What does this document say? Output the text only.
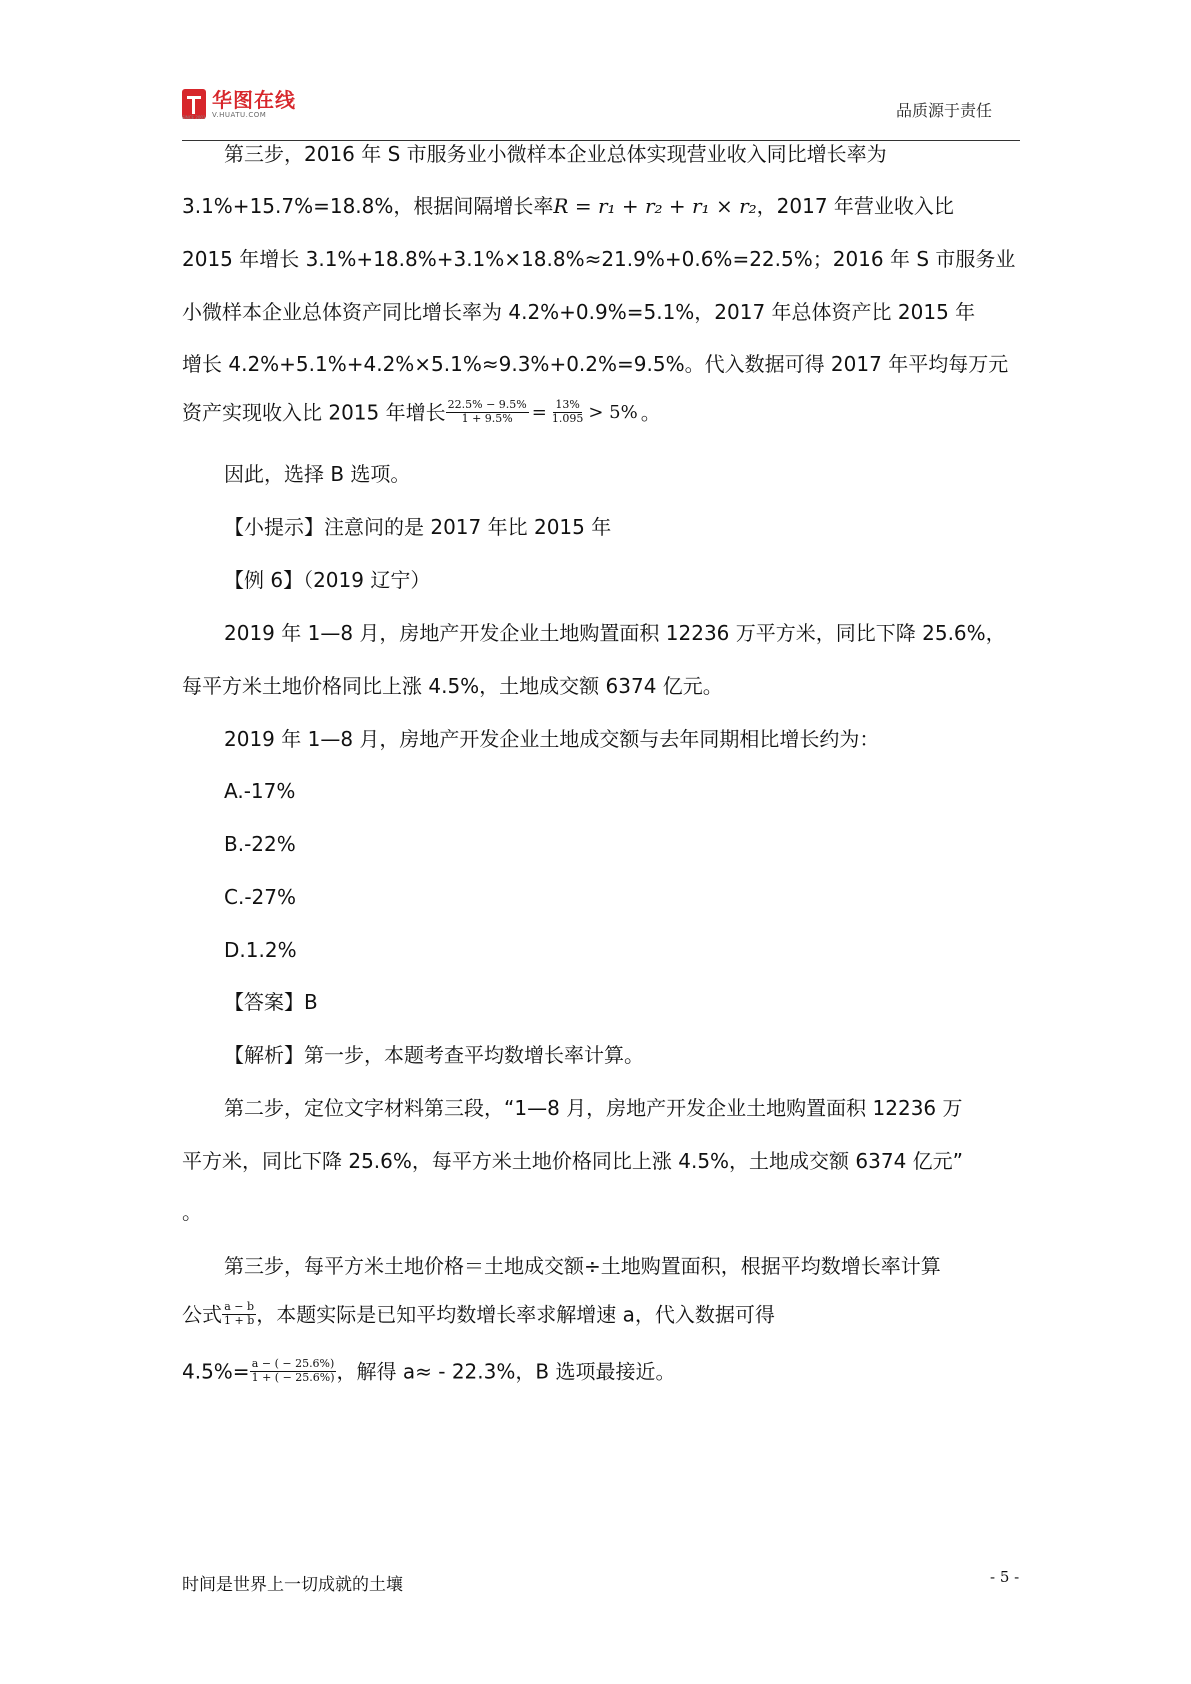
华图在线
V.HUATU.COM
SINCE 2001	品质源于责任
第三步，2016 年 S 市服务业小微样本企业总体实现营业收入同比增长率为
3.1%+15.7%=18.8%，根据间隔增长率R = r₁ + r₂ + r₁ × r₂，2017 年营业收入比
2015 年增长 3.1%+18.8%+3.1%×18.8%≈21.9%+0.6%=22.5%；2016 年 S 市服务业
小微样本企业总体资产同比增长率为 4.2%+0.9%=5.1%，2017 年总体资产比 2015 年
增长 4.2%+5.1%+4.2%×5.1%≈9.3%+0.2%=9.5%。代入数据可得 2017 年平均每万元
资产实现收入比 2015 年增长 $\frac{22.5\% - 9.5\%}{1 + 9.5\%} = \frac{13\%}{1.095} > 5\%$ 。
因此，选择 B 选项。
【小提示】注意问的是 2017 年比 2015 年
【例 6】（2019 辽宁）
2019 年 1—8 月，房地产开发企业土地购置面积 12236 万平方米，同比下降 25.6%，
每平方米土地价格同比上涨 4.5%，土地成交额 6374 亿元。
2019 年 1—8 月，房地产开发企业土地成交额与去年同期相比增长约为：
A.-17%
B.-22%
C.-27%
D.1.2%
【答案】B
【解析】第一步，本题考查平均数增长率计算。
第二步，定位文字材料第三段，“1—8 月，房地产开发企业土地购置面积 12236 万
平方米，同比下降 25.6%，每平方米土地价格同比上涨 4.5%，土地成交额 6374 亿元”
。
第三步，每平方米土地价格＝土地成交额÷土地购置面积，根据平均数增长率计算
公式 $\frac{a - b}{1 + b}$ ，本题实际是已知平均数增长率求解增速 a，代入数据可得
$4.5\%= \frac{a - ( - 25.6\%)}{1 + ( - 25.6\%)}$ ，解得 a≈ - 22.3%，B 选项最接近。
时间是世界上一切成就的土壤	- 5 -
